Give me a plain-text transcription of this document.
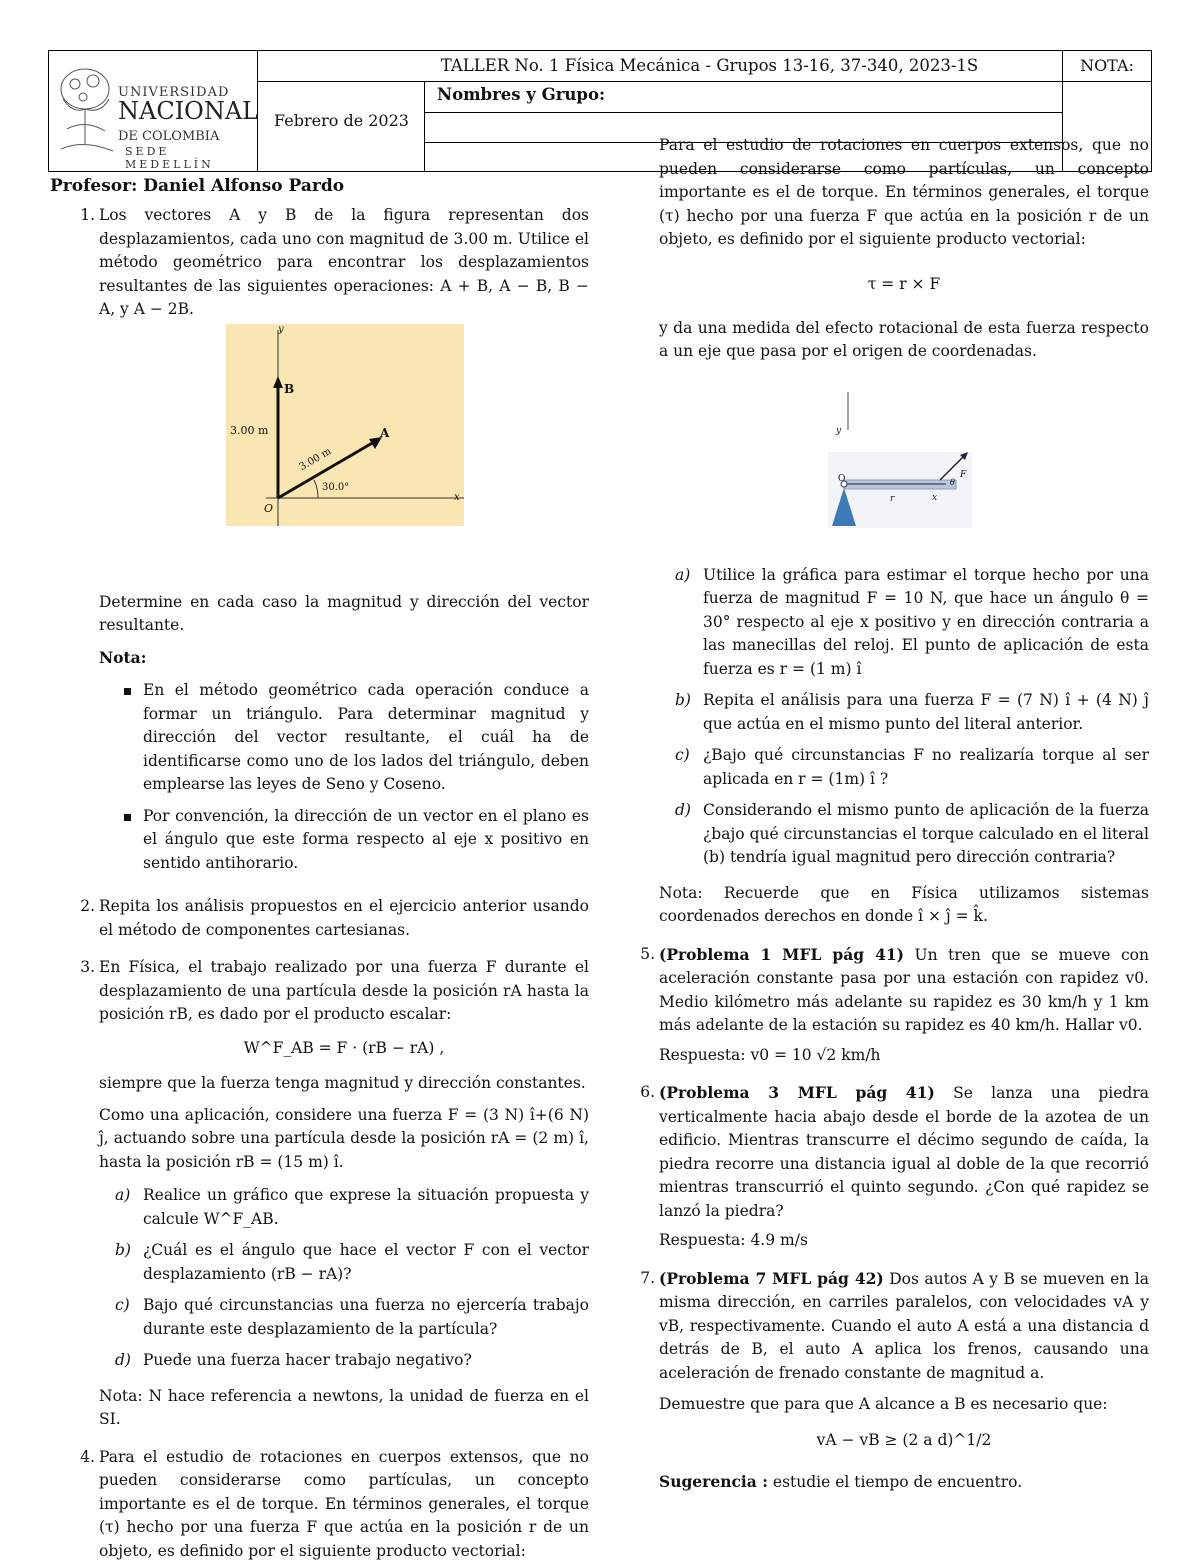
UNIVERSIDAD
NACIONAL
DE COLOMBIA
SEDE MEDELLÍN
TALLER No. 1 Física Mecánica - Grupos 13-16, 37-340, 2023-1S	NOTA:
Febrero de 2023
Nombres y Grupo:
Profesor: Daniel Alfonso Pardo
1. Los vectores A y B de la figura representan dos desplazamientos, cada uno con magnitud de 3.00 m. Utilice el método geométrico para encontrar los desplazamientos resultantes de las siguientes operaciones: A + B, A − B, B − A, y A − 2B.
Determine en cada caso la magnitud y dirección del vector resultante.
Nota:
En el método geométrico cada operación conduce a formar un triángulo. Para determinar magnitud y dirección del vector resultante, el cuál ha de identificarse como uno de los lados del triángulo, deben emplearse las leyes de Seno y Coseno.
Por convención, la dirección de un vector en el plano es el ángulo que este forma respecto al eje x positivo en sentido antihorario.
2. Repita los análisis propuestos en el ejercicio anterior usando el método de componentes cartesianas.
3. En Física, el trabajo realizado por una fuerza F durante el desplazamiento de una partícula desde la posición rA hasta la posición rB, es dado por el producto escalar:
W^F_AB = F · (rB − rA) ,
siempre que la fuerza tenga magnitud y dirección constantes.
Como una aplicación, considere una fuerza F = (3 N) î+(6 N) ĵ, actuando sobre una partícula desde la posición rA = (2 m) î, hasta la posición rB = (15 m) î.
a) Realice un gráfico que exprese la situación propuesta y calcule W^F_AB.
b) ¿Cuál es el ángulo que hace el vector F con el vector desplazamiento (rB − rA)?
c) Bajo qué circunstancias una fuerza no ejercería trabajo durante este desplazamiento de la partícula?
d) Puede una fuerza hacer trabajo negativo?
Nota: N hace referencia a newtons, la unidad de fuerza en el SI.
4. Para el estudio de rotaciones en cuerpos extensos, que no pueden considerarse como partículas, un concepto importante es el de torque. En términos generales, el torque (τ) hecho por una fuerza F que actúa en la posición r de un objeto, es definido por el siguiente producto vectorial:
y
x
O
B
A
3.00 m
3.00 m
30.0°
Para el estudio de rotaciones en cuerpos extensos, que no pueden considerarse como partículas, un concepto importante es el de torque. En términos generales, el torque (τ) hecho por una fuerza F que actúa en la posición r de un objeto, es definido por el siguiente producto vectorial:
τ = r × F
y da una medida del efecto rotacional de esta fuerza respecto a un eje que pasa por el origen de coordenadas.
a) Utilice la gráfica para estimar el torque hecho por una fuerza de magnitud F = 10 N, que hace un ángulo θ = 30° respecto al eje x positivo y en dirección contraria a las manecillas del reloj. El punto de aplicación de esta fuerza es r = (1 m) î
b) Repita el análisis para una fuerza F = (7 N) î + (4 N) ĵ que actúa en el mismo punto del literal anterior.
c) ¿Bajo qué circunstancias F no realizaría torque al ser aplicada en r = (1m) î ?
d) Considerando el mismo punto de aplicación de la fuerza ¿bajo qué circunstancias el torque calculado en el literal (b) tendría igual magnitud pero dirección contraria?
Nota: Recuerde que en Física utilizamos sistemas coordenados derechos en donde î × ĵ = k̂.
5. (Problema 1 MFL pág 41) Un tren que se mueve con aceleración constante pasa por una estación con rapidez v0. Medio kilómetro más adelante su rapidez es 30 km/h y 1 km más adelante de la estación su rapidez es 40 km/h. Hallar v0.
Respuesta: v0 = 10 √2 km/h
6. (Problema 3 MFL pág 41) Se lanza una piedra verticalmente hacia abajo desde el borde de la azotea de un edificio. Mientras transcurre el décimo segundo de caída, la piedra recorre una distancia igual al doble de la que recorrió mientras transcurrió el quinto segundo. ¿Con qué rapidez se lanzó la piedra?
Respuesta: 4.9 m/s
7. (Problema 7 MFL pág 42) Dos autos A y B se mueven en la misma dirección, en carriles paralelos, con velocidades vA y vB, respectivamente. Cuando el auto A está a una distancia d detrás de B, el auto A aplica los frenos, causando una aceleración de frenado constante de magnitud a.
Demuestre que para que A alcance a B es necesario que:
vA − vB ≥ (2 a d)^1/2
Sugerencia : estudie el tiempo de encuentro.
y
O
r	x
F
θ
